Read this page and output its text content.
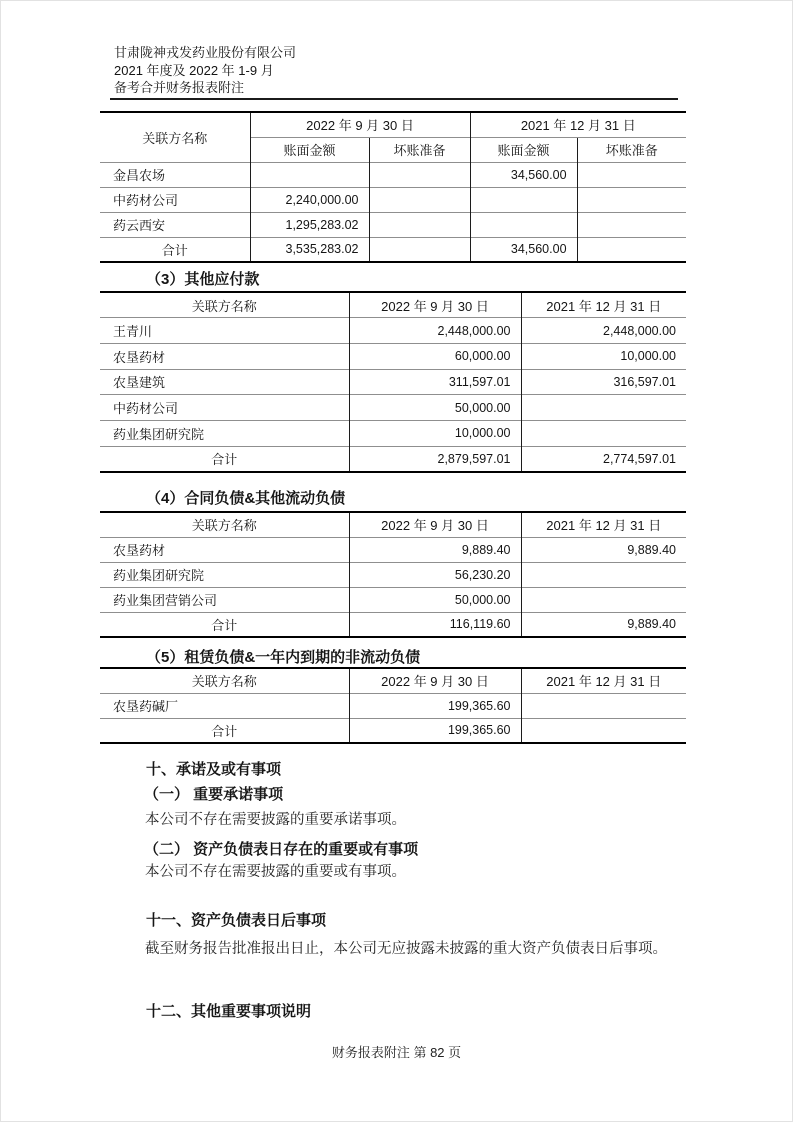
甘肃陇神戎发药业股份有限公司
2021 年度及 2022 年 1-9 月
备考合并财务报表附注
关联方名称	2022 年 9 月 30 日		2021 年 12 月 31 日	
	账面金额	坏账准备	账面金额	坏账准备
金昌农场			34,560.00	
中药材公司	2,240,000.00			
药云西安	1,295,283.02			
合计	3,535,283.02		34,560.00	
（3）其他应付款
关联方名称	2022 年 9 月 30 日	2021 年 12 月 31 日
王青川	2,448,000.00	2,448,000.00
农垦药材	60,000.00	10,000.00
农垦建筑	311,597.01	316,597.01
中药材公司	50,000.00	
药业集团研究院	10,000.00	
合计	2,879,597.01	2,774,597.01
（4）合同负债&其他流动负债
关联方名称	2022 年 9 月 30 日	2021 年 12 月 31 日
农垦药材	9,889.40	9,889.40
药业集团研究院	56,230.20	
药业集团营销公司	50,000.00	
合计	116,119.60	9,889.40
（5）租赁负债&一年内到期的非流动负债
关联方名称	2022 年 9 月 30 日	2021 年 12 月 31 日
农垦药碱厂	199,365.60	
合计	199,365.60	
十、承诺及或有事项
（一） 重要承诺事项
本公司不存在需要披露的重要承诺事项。
（二） 资产负债表日存在的重要或有事项
本公司不存在需要披露的重要或有事项。
十一、资产负债表日后事项
截至财务报告批准报出日止，本公司无应披露未披露的重大资产负债表日后事项。
十二、其他重要事项说明
财务报表附注 第 82 页
